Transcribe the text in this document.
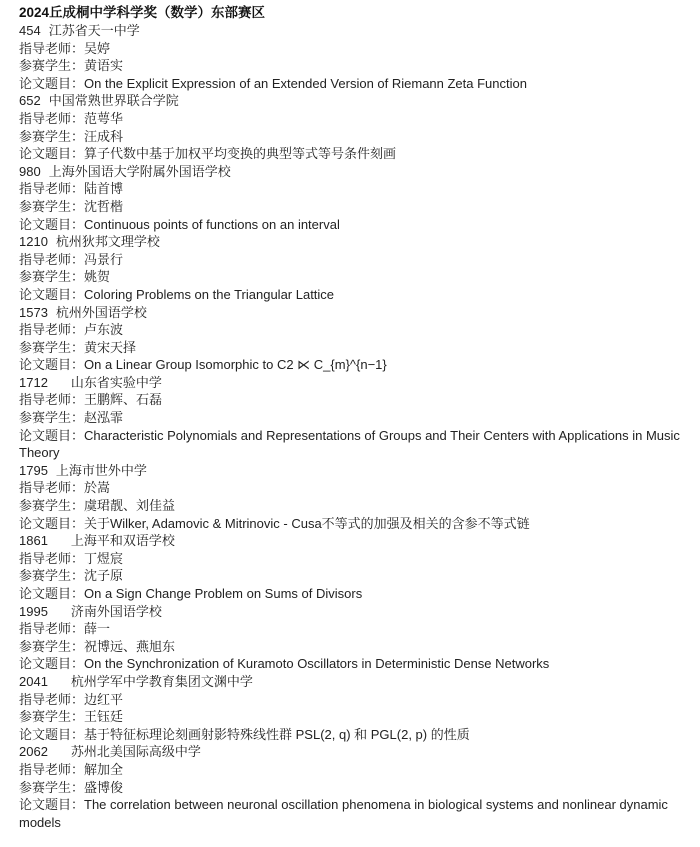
2024丘成桐中学科学奖（数学）东部赛区
454 江苏省天一中学
指导老师：吴婷
参赛学生：黄语实
论文题目：On the Explicit Expression of an Extended Version of Riemann Zeta Function
652 中国常熟世界联合学院
指导老师：范萼华
参赛学生：汪成科
论文题目：算子代数中基于加权平均变换的典型等式等号条件刻画
980 上海外国语大学附属外国语学校
指导老师：陆首博
参赛学生：沈哲楷
论文题目：Continuous points of functions on an interval
1210 杭州狄邦文理学校
指导老师：冯景行
参赛学生：姚贺
论文题目：Coloring Problems on the Triangular Lattice
1573 杭州外国语学校
指导老师：卢东波
参赛学生：黄宋天择
论文题目：On a Linear Group Isomorphic to C2 ⋉ C_{m}^{n−1}
1712 山东省实验中学
指导老师：王鹏辉、石磊
参赛学生：赵泓霏
论文题目：Characteristic Polynomials and Representations of Groups and Their Centers with Applications in Music Theory
1795 上海市世外中学
指导老师：於嵩
参赛学生：虞珺靓、刘佳益
论文题目：关于Wilker, Adamovic & Mitrinovic - Cusa不等式的加强及相关的含参不等式链
1861 上海平和双语学校
指导老师：丁煜宸
参赛学生：沈子原
论文题目：On a Sign Change Problem on Sums of Divisors
1995 济南外国语学校
指导老师：薛一
参赛学生：祝博远、燕旭东
论文题目：On the Synchronization of Kuramoto Oscillators in Deterministic Dense Networks
2041 杭州学军中学教育集团文渊中学
指导老师：边红平
参赛学生：王钰廷
论文题目：基于特征标理论刻画射影特殊线性群 PSL(2, q) 和 PGL(2, p) 的性质
2062 苏州北美国际高级中学
指导老师：解加全
参赛学生：盛博俊
论文题目：The correlation between neuronal oscillation phenomena in biological systems and nonlinear dynamic models
